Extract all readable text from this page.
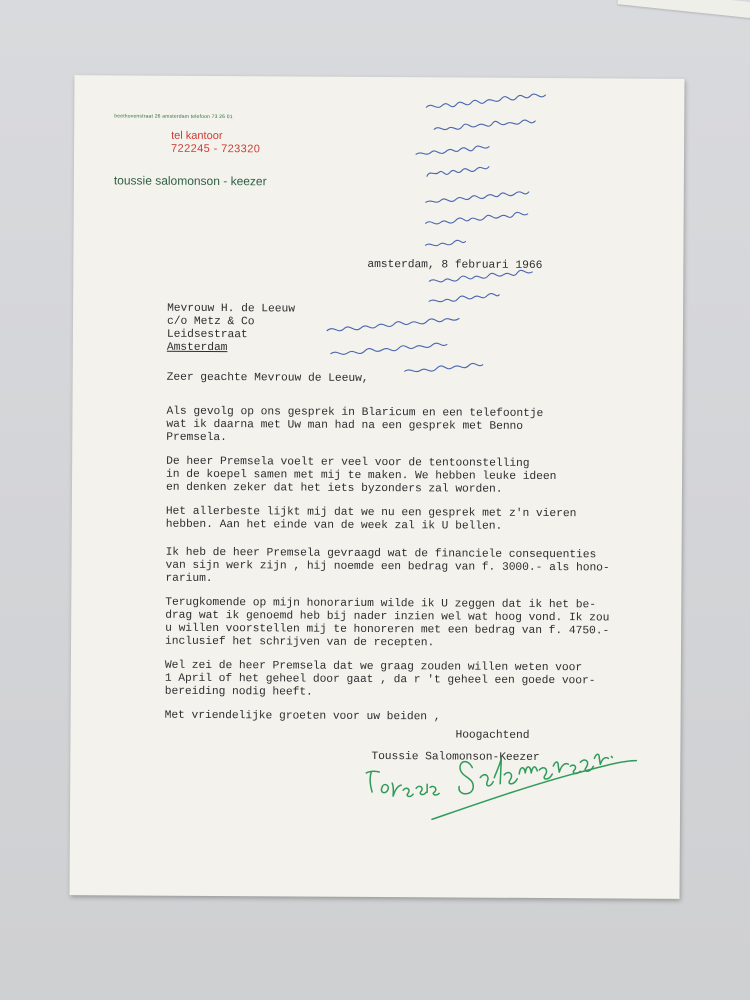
beethovenstraat 26 amsterdam telefoon 73 26 01
tel kantoor
722245 - 723320
toussie salomonson - keezer
amsterdam, 8 februari 1966
Mevrouw H. de Leeuw
c/o Metz & Co
Leidsestraat
Amsterdam
Zeer geachte Mevrouw de Leeuw,
Als gevolg op ons gesprek in Blaricum en een telefoontje
wat ik daarna met Uw man had na een gesprek met Benno
Premsela.
De heer Premsela voelt er veel voor de tentoonstelling
in de koepel samen met mij te maken. We hebben leuke ideen
en denken zeker dat het iets byzonders zal worden.
Het allerbeste lijkt mij dat we nu een gesprek met z'n vieren
hebben. Aan het einde van de week zal ik U bellen.
Ik heb de heer Premsela gevraagd wat de financiele consequenties
van sijn werk zijn , hij noemde een bedrag van f. 3000.- als hono-
rarium.
Terugkomende op mijn honorarium wilde ik U zeggen dat ik het be-
drag wat ik genoemd heb bij nader inzien wel wat hoog vond. Ik zou
u willen voorstellen mij te honoreren met een bedrag van f. 4750.-
inclusief het schrijven van de recepten.
Wel zei de heer Premsela dat we graag zouden willen weten voor
1 April of het geheel door gaat , da r 't geheel een goede voor-
bereiding nodig heeft.
Met vriendelijke groeten voor uw beiden ,
Hoogachtend
Toussie Salomonson-Keezer
